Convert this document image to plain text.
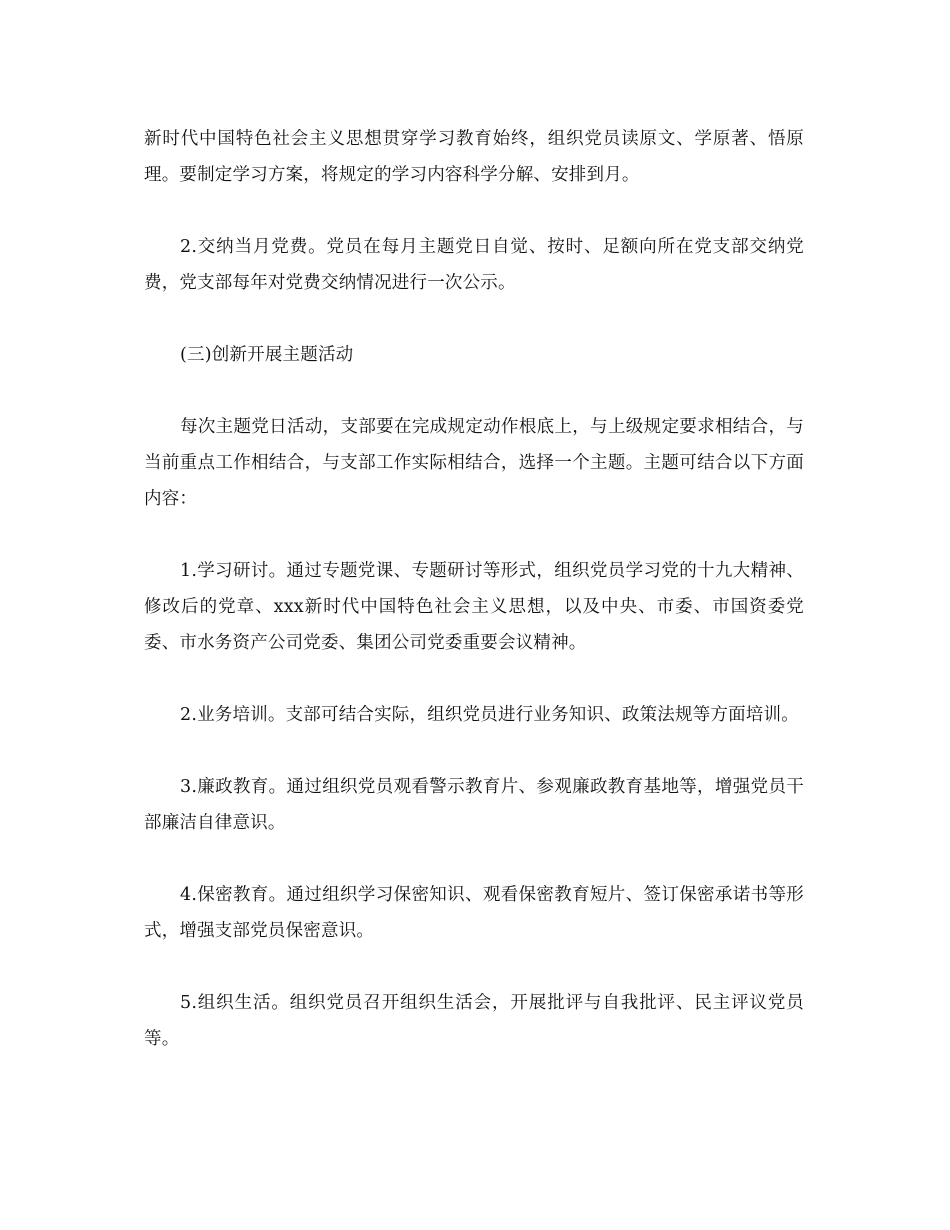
新时代中国特色社会主义思想贯穿学习教育始终，组织党员读原文、学原著、悟原理。要制定学习方案，将规定的学习内容科学分解、安排到月。

2.交纳当月党费。党员在每月主题党日自觉、按时、足额向所在党支部交纳党费，党支部每年对党费交纳情况进行一次公示。

(三)创新开展主题活动

每次主题党日活动，支部要在完成规定动作根底上，与上级规定要求相结合，与当前重点工作相结合，与支部工作实际相结合，选择一个主题。主题可结合以下方面内容：

1.学习研讨。通过专题党课、专题研讨等形式，组织党员学习党的十九大精神、修改后的党章、xxx新时代中国特色社会主义思想，以及中央、市委、市国资委党委、市水务资产公司党委、集团公司党委重要会议精神。

2.业务培训。支部可结合实际，组织党员进行业务知识、政策法规等方面培训。

3.廉政教育。通过组织党员观看警示教育片、参观廉政教育基地等，增强党员干部廉洁自律意识。

4.保密教育。通过组织学习保密知识、观看保密教育短片、签订保密承诺书等形式，增强支部党员保密意识。

5.组织生活。组织党员召开组织生活会，开展批评与自我批评、民主评议党员等。
